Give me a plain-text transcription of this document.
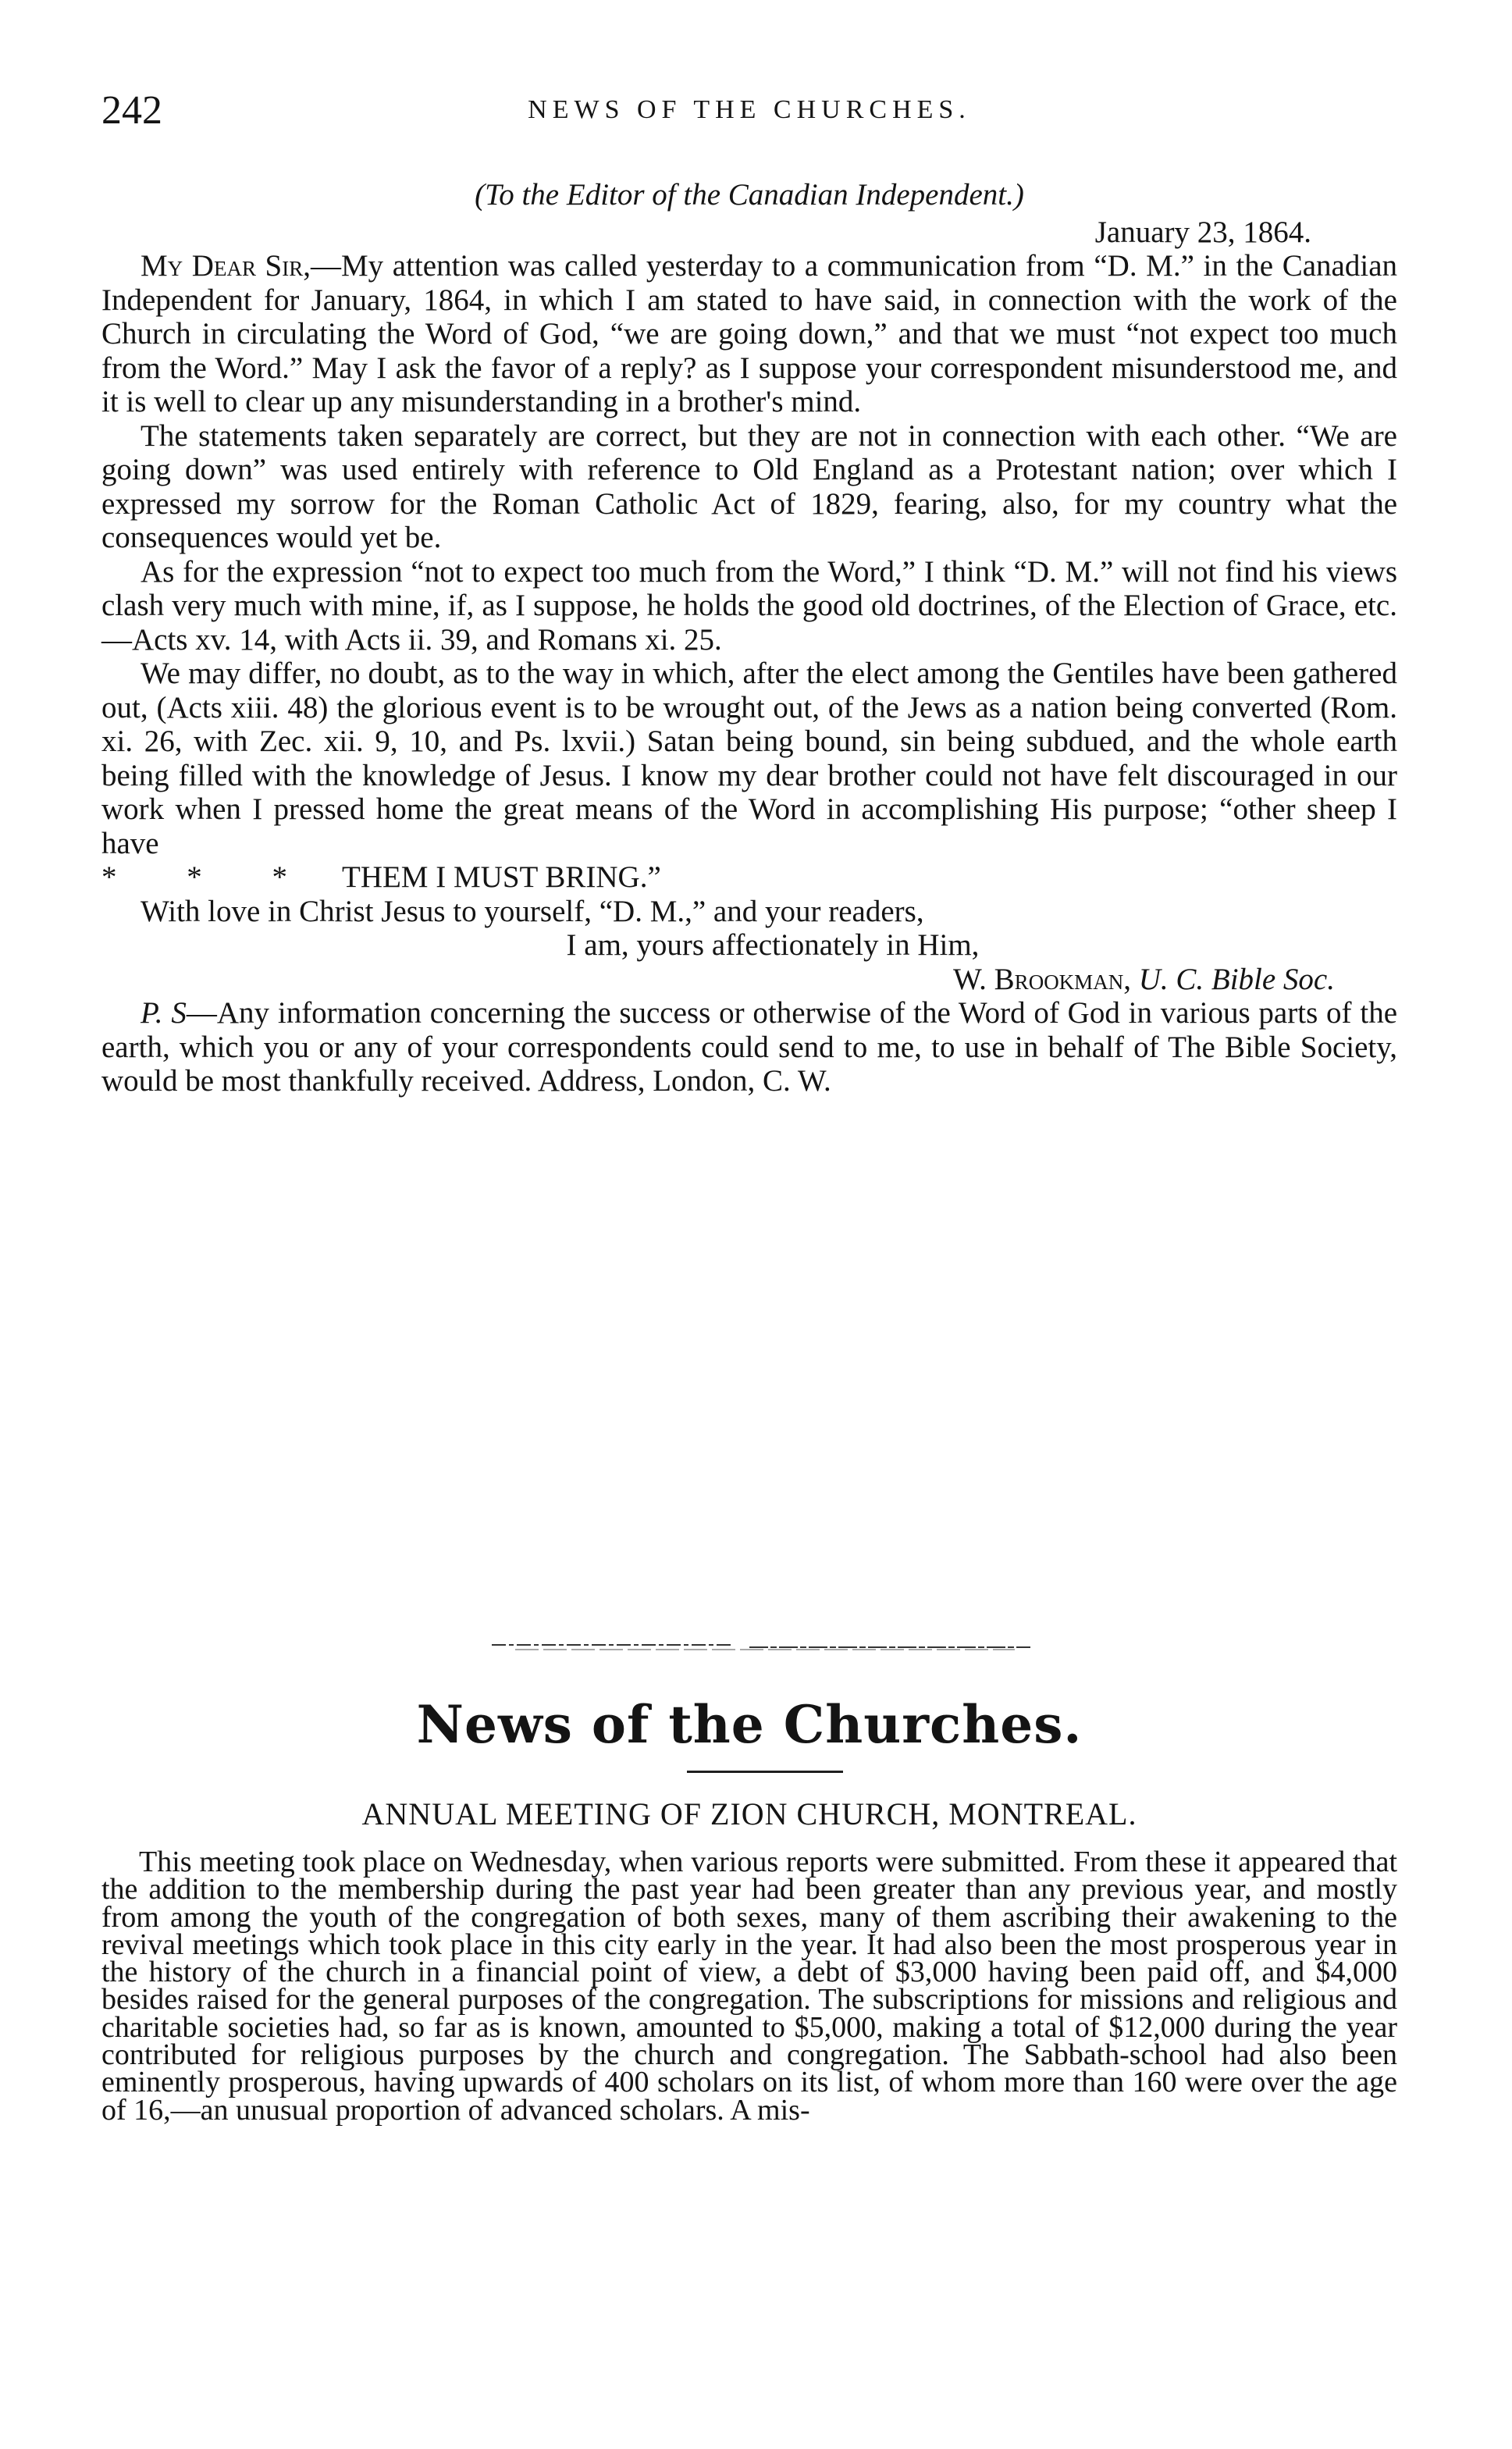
242	NEWS OF THE CHURCHES.

(To the Editor of the Canadian Independent.)

January 23, 1864.

My Dear Sir,—My attention was called yesterday to a communication from “D. M.” in the Canadian Independent for January, 1864, in which I am stated to have said, in connection with the work of the Church in circulating the Word of God, “we are going down,” and that we must “not expect too much from the Word.” May I ask the favor of a reply? as I suppose your correspondent misunderstood me, and it is well to clear up any misunderstanding in a brother's mind.

The statements taken separately are correct, but they are not in connection with each other. “We are going down” was used entirely with reference to Old England as a Protestant nation; over which I expressed my sorrow for the Roman Catholic Act of 1829, fearing, also, for my country what the consequences would yet be.

As for the expression “not to expect too much from the Word,” I think “D. M.” will not find his views clash very much with mine, if, as I suppose, he holds the good old doctrines, of the Election of Grace, etc.—Acts xv. 14, with Acts ii. 39, and Romans xi. 25.

We may differ, no doubt, as to the way in which, after the elect among the Gentiles have been gathered out, (Acts xiii. 48) the glorious event is to be wrought out, of the Jews as a nation being converted (Rom. xi. 26, with Zec. xii. 9, 10, and Ps. lxvii.) Satan being bound, sin being subdued, and the whole earth being filled with the knowledge of Jesus. I know my dear brother could not have felt discouraged in our work when I pressed home the great means of the Word in accomplishing His purpose; “other sheep I have

* * * THEM I MUST BRING.”

With love in Christ Jesus to yourself, “D. M.,” and your readers,

I am, yours affectionately in Him,

W. Brookman, U. C. Bible Soc.

P. S—Any information concerning the success or otherwise of the Word of God in various parts of the earth, which you or any of your correspondents could send to me, to use in behalf of The Bible Society, would be most thankfully received. Address, London, C. W.

News of the Churches.
ANNUAL MEETING OF ZION CHURCH, MONTREAL.

This meeting took place on Wednesday, when various reports were submitted. From these it appeared that the addition to the membership during the past year had been greater than any previous year, and mostly from among the youth of the congregation of both sexes, many of them ascribing their awakening to the revival meetings which took place in this city early in the year. It had also been the most prosperous year in the history of the church in a financial point of view, a debt of $3,000 having been paid off, and $4,000 besides raised for the general purposes of the congregation. The subscriptions for missions and religious and charitable societies had, so far as is known, amounted to $5,000, making a total of $12,000 during the year contributed for religious purposes by the church and congregation. The Sabbath-school had also been eminently prosperous, having upwards of 400 scholars on its list, of whom more than 160 were over the age of 16,—an unusual proportion of advanced scholars. A mis-
